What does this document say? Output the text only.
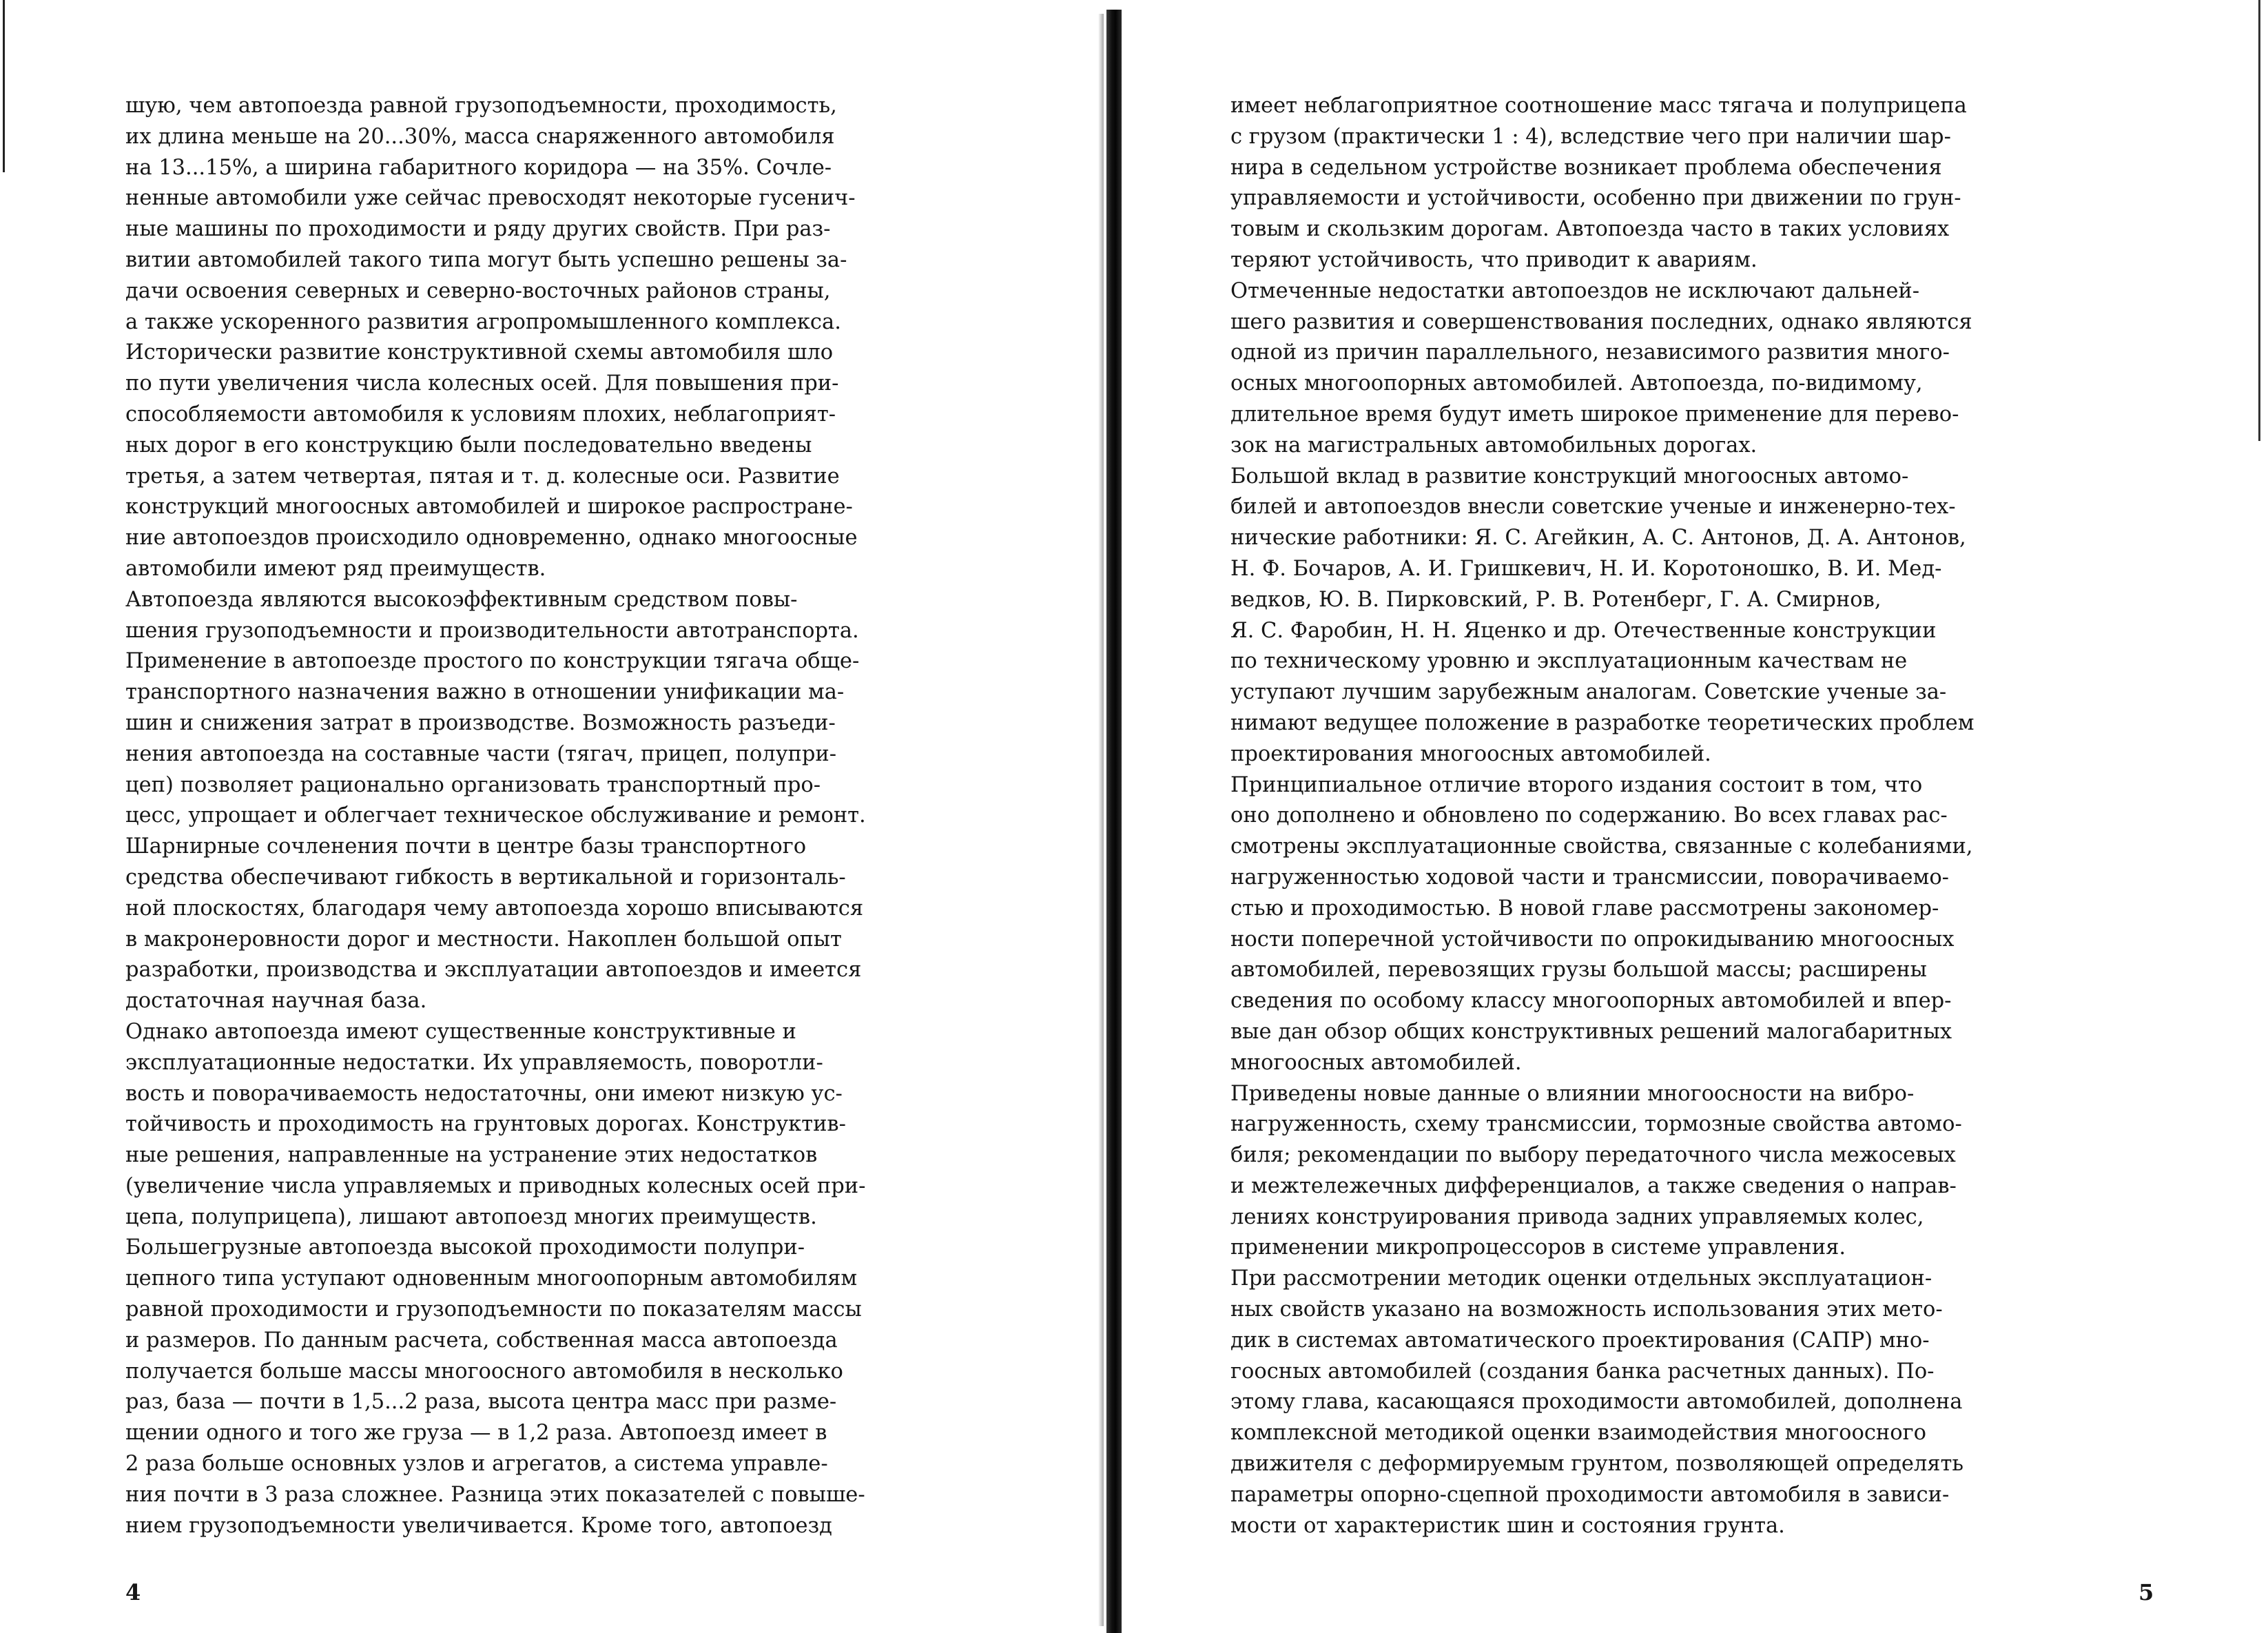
шую, чем автопоезда равной грузоподъемности, проходимость,
их длина меньше на 20...30%, масса снаряженного автомобиля
на 13...15%, а ширина габаритного коридора — на 35%. Сочле-
ненные автомобили уже сейчас превосходят некоторые гусенич-
ные машины по проходимости и ряду других свойств. При раз-
витии автомобилей такого типа могут быть успешно решены за-
дачи освоения северных и северно-восточных районов страны,
а также ускоренного развития агропромышленного комплекса.
Исторически развитие конструктивной схемы автомобиля шло
по пути увеличения числа колесных осей. Для повышения при-
способляемости автомобиля к условиям плохих, неблагоприят-
ных дорог в его конструкцию были последовательно введены
третья, а затем четвертая, пятая и т. д. колесные оси. Развитие
конструкций многоосных автомобилей и широкое распростране-
ние автопоездов происходило одновременно, однако многоосные
автомобили имеют ряд преимуществ.
Автопоезда являются высокоэффективным средством повы-
шения грузоподъемности и производительности автотранспорта.
Применение в автопоезде простого по конструкции тягача обще-
транспортного назначения важно в отношении унификации ма-
шин и снижения затрат в производстве. Возможность разъеди-
нения автопоезда на составные части (тягач, прицеп, полупри-
цеп) позволяет рационально организовать транспортный про-
цесс, упрощает и облегчает техническое обслуживание и ремонт.
Шарнирные сочленения почти в центре базы транспортного
средства обеспечивают гибкость в вертикальной и горизонталь-
ной плоскостях, благодаря чему автопоезда хорошо вписываются
в макронеровности дорог и местности. Накоплен большой опыт
разработки, производства и эксплуатации автопоездов и имеется
достаточная научная база.
Однако автопоезда имеют существенные конструктивные и
эксплуатационные недостатки. Их управляемость, поворотли-
вость и поворачиваемость недостаточны, они имеют низкую ус-
тойчивость и проходимость на грунтовых дорогах. Конструктив-
ные решения, направленные на устранение этих недостатков
(увеличение числа управляемых и приводных колесных осей при-
цепа, полуприцепа), лишают автопоезд многих преимуществ.
Большегрузные автопоезда высокой проходимости полупри-
цепного типа уступают одновенным многоопорным автомобилям
равной проходимости и грузоподъемности по показателям массы
и размеров. По данным расчета, собственная масса автопоезда
получается больше массы многоосного автомобиля в несколько
раз, база — почти в 1,5...2 раза, высота центра масс при разме-
щении одного и того же груза — в 1,2 раза. Автопоезд имеет в
2 раза больше основных узлов и агрегатов, а система управле-
ния почти в 3 раза сложнее. Разница этих показателей с повыше-
нием грузоподъемности увеличивается. Кроме того, автопоезд

имеет неблагоприятное соотношение масс тягача и полуприцепа
с грузом (практически 1 : 4), вследствие чего при наличии шар-
нира в седельном устройстве возникает проблема обеспечения
управляемости и устойчивости, особенно при движении по грун-
товым и скользким дорогам. Автопоезда часто в таких условиях
теряют устойчивость, что приводит к авариям.
Отмеченные недостатки автопоездов не исключают дальней-
шего развития и совершенствования последних, однако являются
одной из причин параллельного, независимого развития много-
осных многоопорных автомобилей. Автопоезда, по-видимому,
длительное время будут иметь широкое применение для перево-
зок на магистральных автомобильных дорогах.
Большой вклад в развитие конструкций многоосных автомо-
билей и автопоездов внесли советские ученые и инженерно-тех-
нические работники: Я. С. Агейкин, А. С. Антонов, Д. А. Антонов,
Н. Ф. Бочаров, А. И. Гришкевич, Н. И. Коротоношко, В. И. Мед-
ведков, Ю. В. Пирковский, Р. В. Ротенберг, Г. А. Смирнов,
Я. С. Фаробин, Н. Н. Яценко и др. Отечественные конструкции
по техническому уровню и эксплуатационным качествам не
уступают лучшим зарубежным аналогам. Советские ученые за-
нимают ведущее положение в разработке теоретических проблем
проектирования многоосных автомобилей.
Принципиальное отличие второго издания состоит в том, что
оно дополнено и обновлено по содержанию. Во всех главах рас-
смотрены эксплуатационные свойства, связанные с колебаниями,
нагруженностью ходовой части и трансмиссии, поворачиваемо-
стью и проходимостью. В новой главе рассмотрены закономер-
ности поперечной устойчивости по опрокидыванию многоосных
автомобилей, перевозящих грузы большой массы; расширены
сведения по особому классу многоопорных автомобилей и впер-
вые дан обзор общих конструктивных решений малогабаритных
многоосных автомобилей.
Приведены новые данные о влиянии многоосности на вибро-
нагруженность, схему трансмиссии, тормозные свойства автомо-
биля; рекомендации по выбору передаточного числа межосевых
и межтележечных дифференциалов, а также сведения о направ-
лениях конструирования привода задних управляемых колес,
применении микропроцессоров в системе управления.
При рассмотрении методик оценки отдельных эксплуатацион-
ных свойств указано на возможность использования этих мето-
дик в системах автоматического проектирования (САПР) мно-
гоосных автомобилей (создания банка расчетных данных). По-
этому глава, касающаяся проходимости автомобилей, дополнена
комплексной методикой оценки взаимодействия многоосного
движителя с деформируемым грунтом, позволяющей определять
параметры опорно-сцепной проходимости автомобиля в зависи-
мости от характеристик шин и состояния грунта.

4	5
